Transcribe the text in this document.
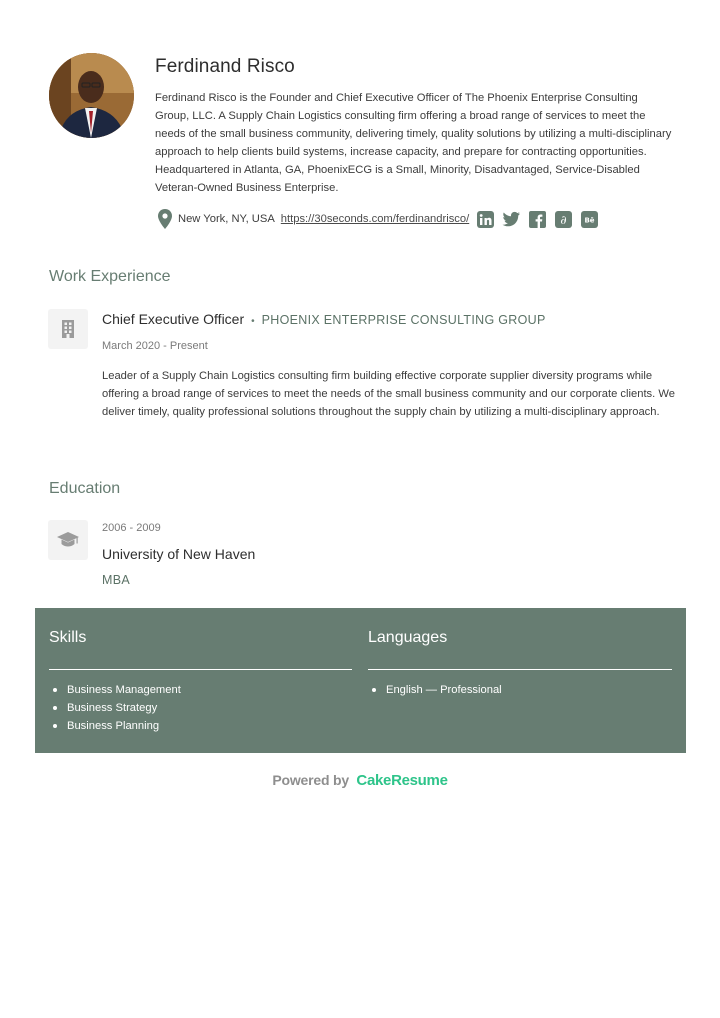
Ferdinand Risco

Ferdinand Risco is the Founder and Chief Executive Officer of The Phoenix Enterprise Consulting Group, LLC. A Supply Chain Logistics consulting firm offering a broad range of services to meet the needs of the small business community, delivering timely, quality solutions by utilizing a multi-disciplinary approach to help clients build systems, increase capacity, and prepare for contracting opportunities. Headquartered in Atlanta, GA, PhoenixECG is a Small, Minority, Disadvantaged, Service-Disabled Veteran-Owned Business Enterprise.

New York, NY, USA https://30seconds.com/ferdinandrisco/	∂	Bē
Work Experience
Chief Executive Officer • PHOENIX ENTERPRISE CONSULTING GROUP
March 2020 - Present

Leader of a Supply Chain Logistics consulting firm building effective corporate supplier diversity programs while offering a broad range of services to meet the needs of the small business community and our corporate clients. We deliver timely, quality professional solutions throughout the supply chain by utilizing a multi-disciplinary approach.

Education
2006 - 2009
University of New Haven
MBA
Skills
Business Management
Business Strategy
Business Planning
Languages
English — Professional
Powered by CakeResume
